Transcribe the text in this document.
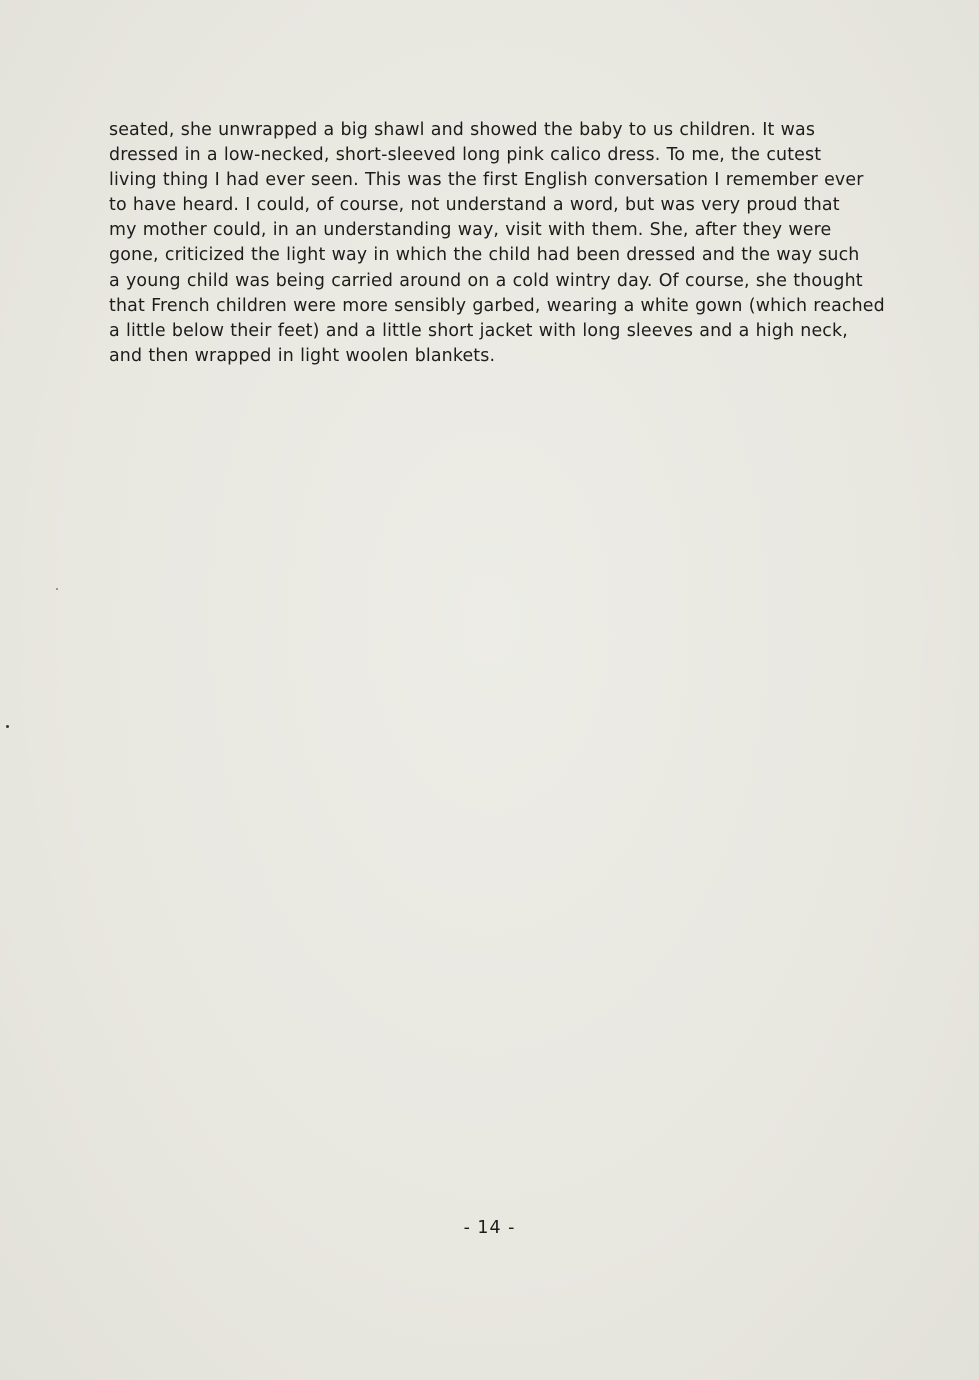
seated, she unwrapped a big shawl and showed the baby to us children. It was
dressed in a low-necked, short-sleeved long pink calico dress. To me, the cutest
living thing I had ever seen. This was the first English conversation I remember ever
to have heard. I could, of course, not understand a word, but was very proud that
my mother could, in an understanding way, visit with them. She, after they were
gone, criticized the light way in which the child had been dressed and the way such
a young child was being carried around on a cold wintry day. Of course, she thought
that French children were more sensibly garbed, wearing a white gown (which reached
a little below their feet) and a little short jacket with long sleeves and a high neck,
and then wrapped in light woolen blankets.

- 14 -
